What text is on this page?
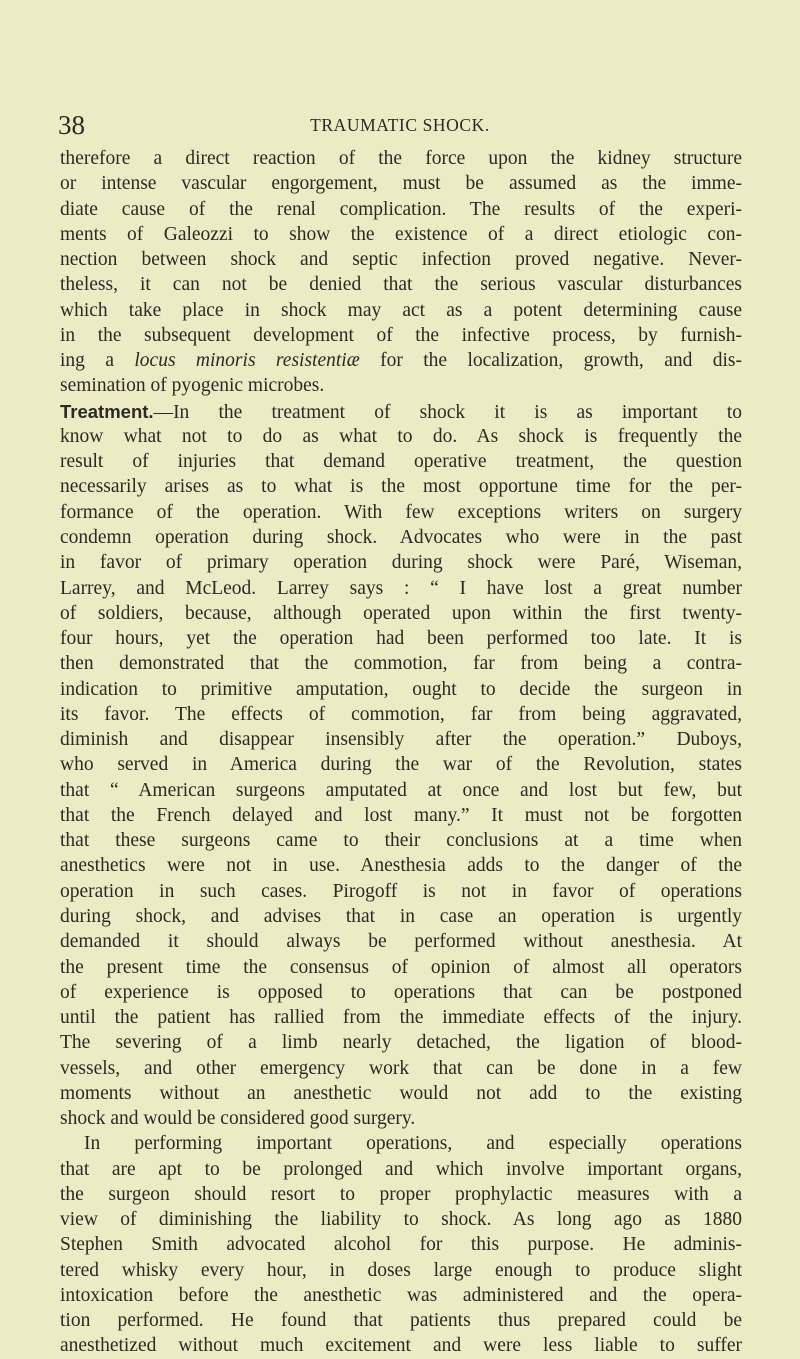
38	TRAUMATIC SHOCK.
therefore a direct reaction of the force upon the kidney structure
or intense vascular engorgement, must be assumed as the imme-
diate cause of the renal complication. The results of the experi-
ments of Galeozzi to show the existence of a direct etiologic con-
nection between shock and septic infection proved negative. Never-
theless, it can not be denied that the serious vascular disturbances
which take place in shock may act as a potent determining cause
in the subsequent development of the infective process, by furnish-
ing a locus minoris resistentiæ for the localization, growth, and dis-
semination of pyogenic microbes.
Treatment.—In the treatment of shock it is as important to
know what not to do as what to do. As shock is frequently the
result of injuries that demand operative treatment, the question
necessarily arises as to what is the most opportune time for the per-
formance of the operation. With few exceptions writers on surgery
condemn operation during shock. Advocates who were in the past
in favor of primary operation during shock were Paré, Wiseman,
Larrey, and McLeod. Larrey says : “ I have lost a great number
of soldiers, because, although operated upon within the first twenty-
four hours, yet the operation had been performed too late. It is
then demonstrated that the commotion, far from being a contra-
indication to primitive amputation, ought to decide the surgeon in
its favor. The effects of commotion, far from being aggravated,
diminish and disappear insensibly after the operation.” Duboys,
who served in America during the war of the Revolution, states
that “ American surgeons amputated at once and lost but few, but
that the French delayed and lost many.” It must not be forgotten
that these surgeons came to their conclusions at a time when
anesthetics were not in use. Anesthesia adds to the danger of the
operation in such cases. Pirogoff is not in favor of operations
during shock, and advises that in case an operation is urgently
demanded it should always be performed without anesthesia. At
the present time the consensus of opinion of almost all operators
of experience is opposed to operations that can be postponed
until the patient has rallied from the immediate effects of the injury.
The severing of a limb nearly detached, the ligation of blood-
vessels, and other emergency work that can be done in a few
moments without an anesthetic would not add to the existing
shock and would be considered good surgery.
In performing important operations, and especially operations
that are apt to be prolonged and which involve important organs,
the surgeon should resort to proper prophylactic measures with a
view of diminishing the liability to shock. As long ago as 1880
Stephen Smith advocated alcohol for this purpose. He adminis-
tered whisky every hour, in doses large enough to produce slight
intoxication before the anesthetic was administered and the opera-
tion performed. He found that patients thus prepared could be
anesthetized without much excitement and were less liable to suffer
